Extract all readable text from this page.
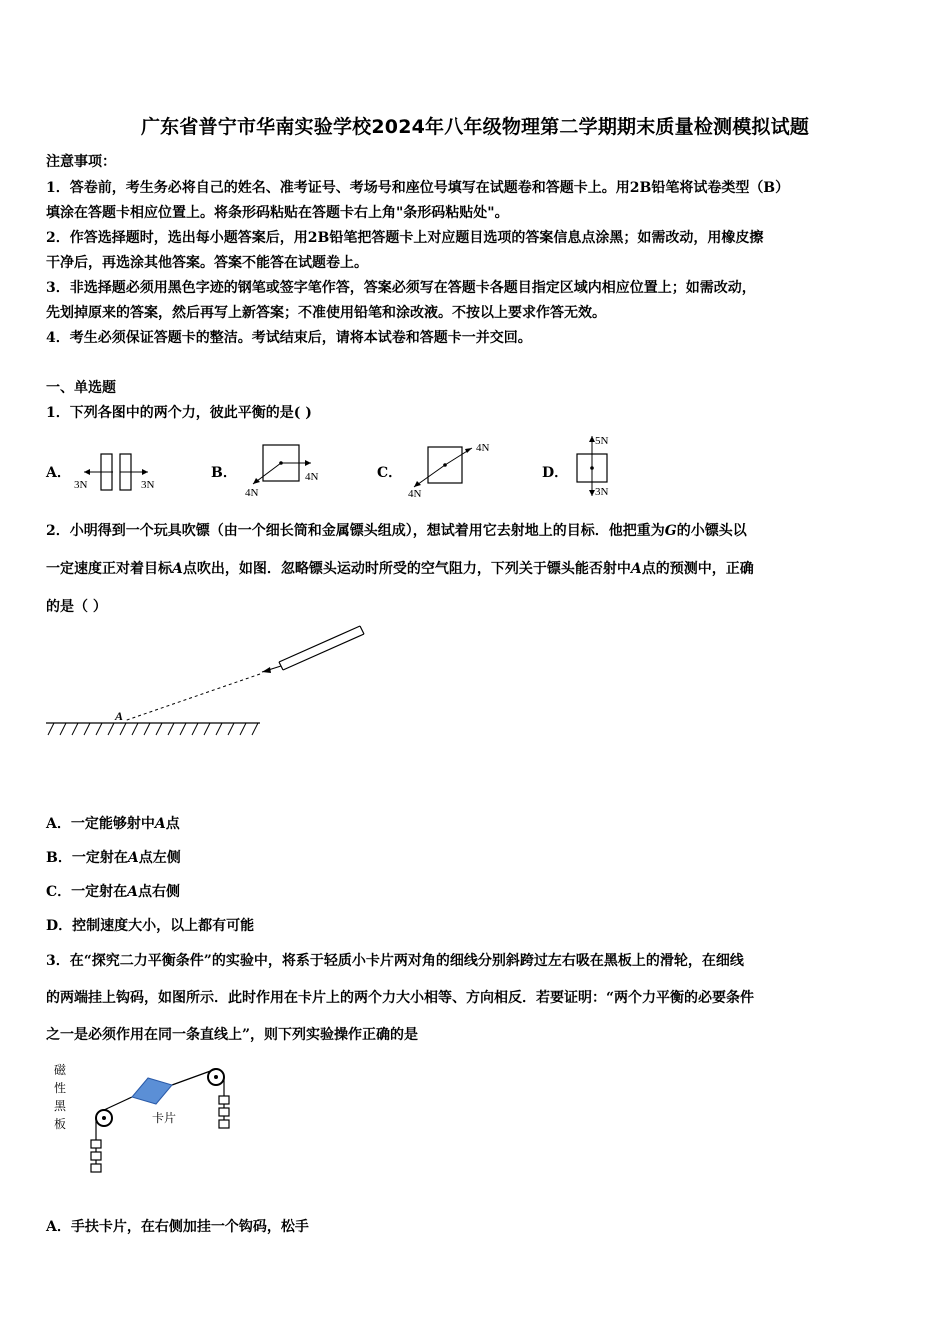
广东省普宁市华南实验学校2024年八年级物理第二学期期末质量检测模拟试题
注意事项：
1．答卷前，考生务必将自己的姓名、准考证号、考场号和座位号填写在试题卷和答题卡上。用2B铅笔将试卷类型（B）
填涂在答题卡相应位置上。将条形码粘贴在答题卡右上角"条形码粘贴处"。
2．作答选择题时，选出每小题答案后，用2B铅笔把答题卡上对应题目选项的答案信息点涂黑；如需改动，用橡皮擦
干净后，再选涂其他答案。答案不能答在试题卷上。
3．非选择题必须用黑色字迹的钢笔或签字笔作答，答案必须写在答题卡各题目指定区域内相应位置上；如需改动，
先划掉原来的答案，然后再写上新答案；不准使用铅笔和涂改液。不按以上要求作答无效。
4．考生必须保证答题卡的整洁。考试结束后，请将本试卷和答题卡一并交回。
一、单选题
1．下列各图中的两个力，彼此平衡的是( )
A．
3N	3N
B．	4N
4N
C．
4N
4N
D．
5N
3N
2．小明得到一个玩具吹镖（由一个细长筒和金属镖头组成），想试着用它去射地上的目标．他把重为G的小镖头以
一定速度正对着目标A点吹出，如图．忽略镖头运动时所受的空气阻力，下列关于镖头能否射中A点的预测中，正确
的是（ ）
A
A．一定能够射中A点
B．一定射在A点左侧
C．一定射在A点右侧
D．控制速度大小，以上都有可能
3．在“探究二力平衡条件”的实验中，将系于轻质小卡片两对角的细线分别斜跨过左右吸在黑板上的滑轮，在细线
的两端挂上钩码，如图所示．此时作用在卡片上的两个力大小相等、方向相反．若要证明：“两个力平衡的必要条件
之一是必须作用在同一条直线上”，则下列实验操作正确的是
磁
性
黑
板	卡片
A．手扶卡片，在右侧加挂一个钩码，松手
